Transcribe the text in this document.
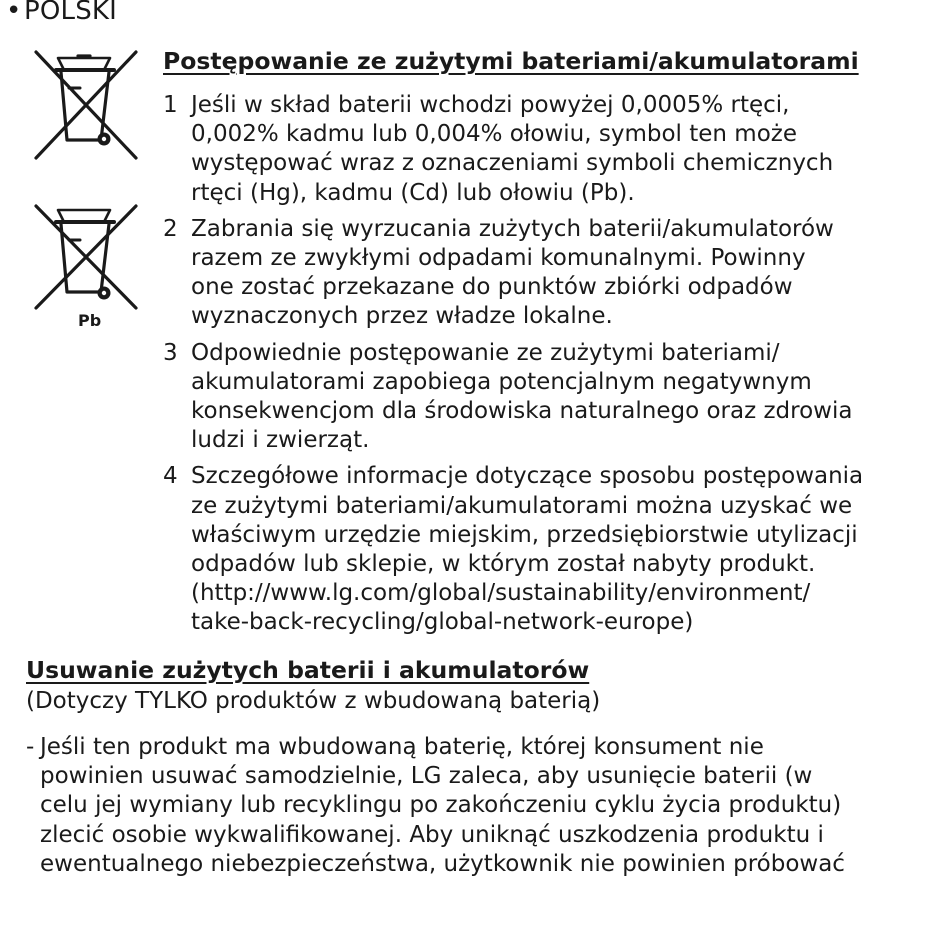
•POLSKI
Pb
Postępowanie ze zużytymi bateriami/akumulatorami
1 Jeśli w skład baterii wchodzi powyżej 0,0005% rtęci,
0,002% kadmu lub 0,004% ołowiu, symbol ten może
występować wraz z oznaczeniami symboli chemicznych
rtęci (Hg), kadmu (Cd) lub ołowiu (Pb).
2 Zabrania się wyrzucania zużytych baterii/akumulatorów
razem ze zwykłymi odpadami komunalnymi. Powinny
one zostać przekazane do punktów zbiórki odpadów
wyznaczonych przez władze lokalne.
3 Odpowiednie postępowanie ze zużytymi bateriami/
akumulatorami zapobiega potencjalnym negatywnym
konsekwencjom dla środowiska naturalnego oraz zdrowia
ludzi i zwierząt.
4 Szczegółowe informacje dotyczące sposobu postępowania
ze zużytymi bateriami/akumulatorami można uzyskać we
właściwym urzędzie miejskim, przedsiębiorstwie utylizacji
odpadów lub sklepie, w którym został nabyty produkt.
(http://www.lg.com/global/sustainability/environment/
take-back-recycling/global-network-europe)
Usuwanie zużytych baterii i akumulatorów
(Dotyczy TYLKO produktów z wbudowaną baterią)
- Jeśli ten produkt ma wbudowaną baterię, której konsument nie
powinien usuwać samodzielnie, LG zaleca, aby usunięcie baterii (w
celu jej wymiany lub recyklingu po zakończeniu cyklu życia produktu)
zlecić osobie wykwalifikowanej. Aby uniknąć uszkodzenia produktu i
ewentualnego niebezpieczeństwa, użytkownik nie powinien próbować
